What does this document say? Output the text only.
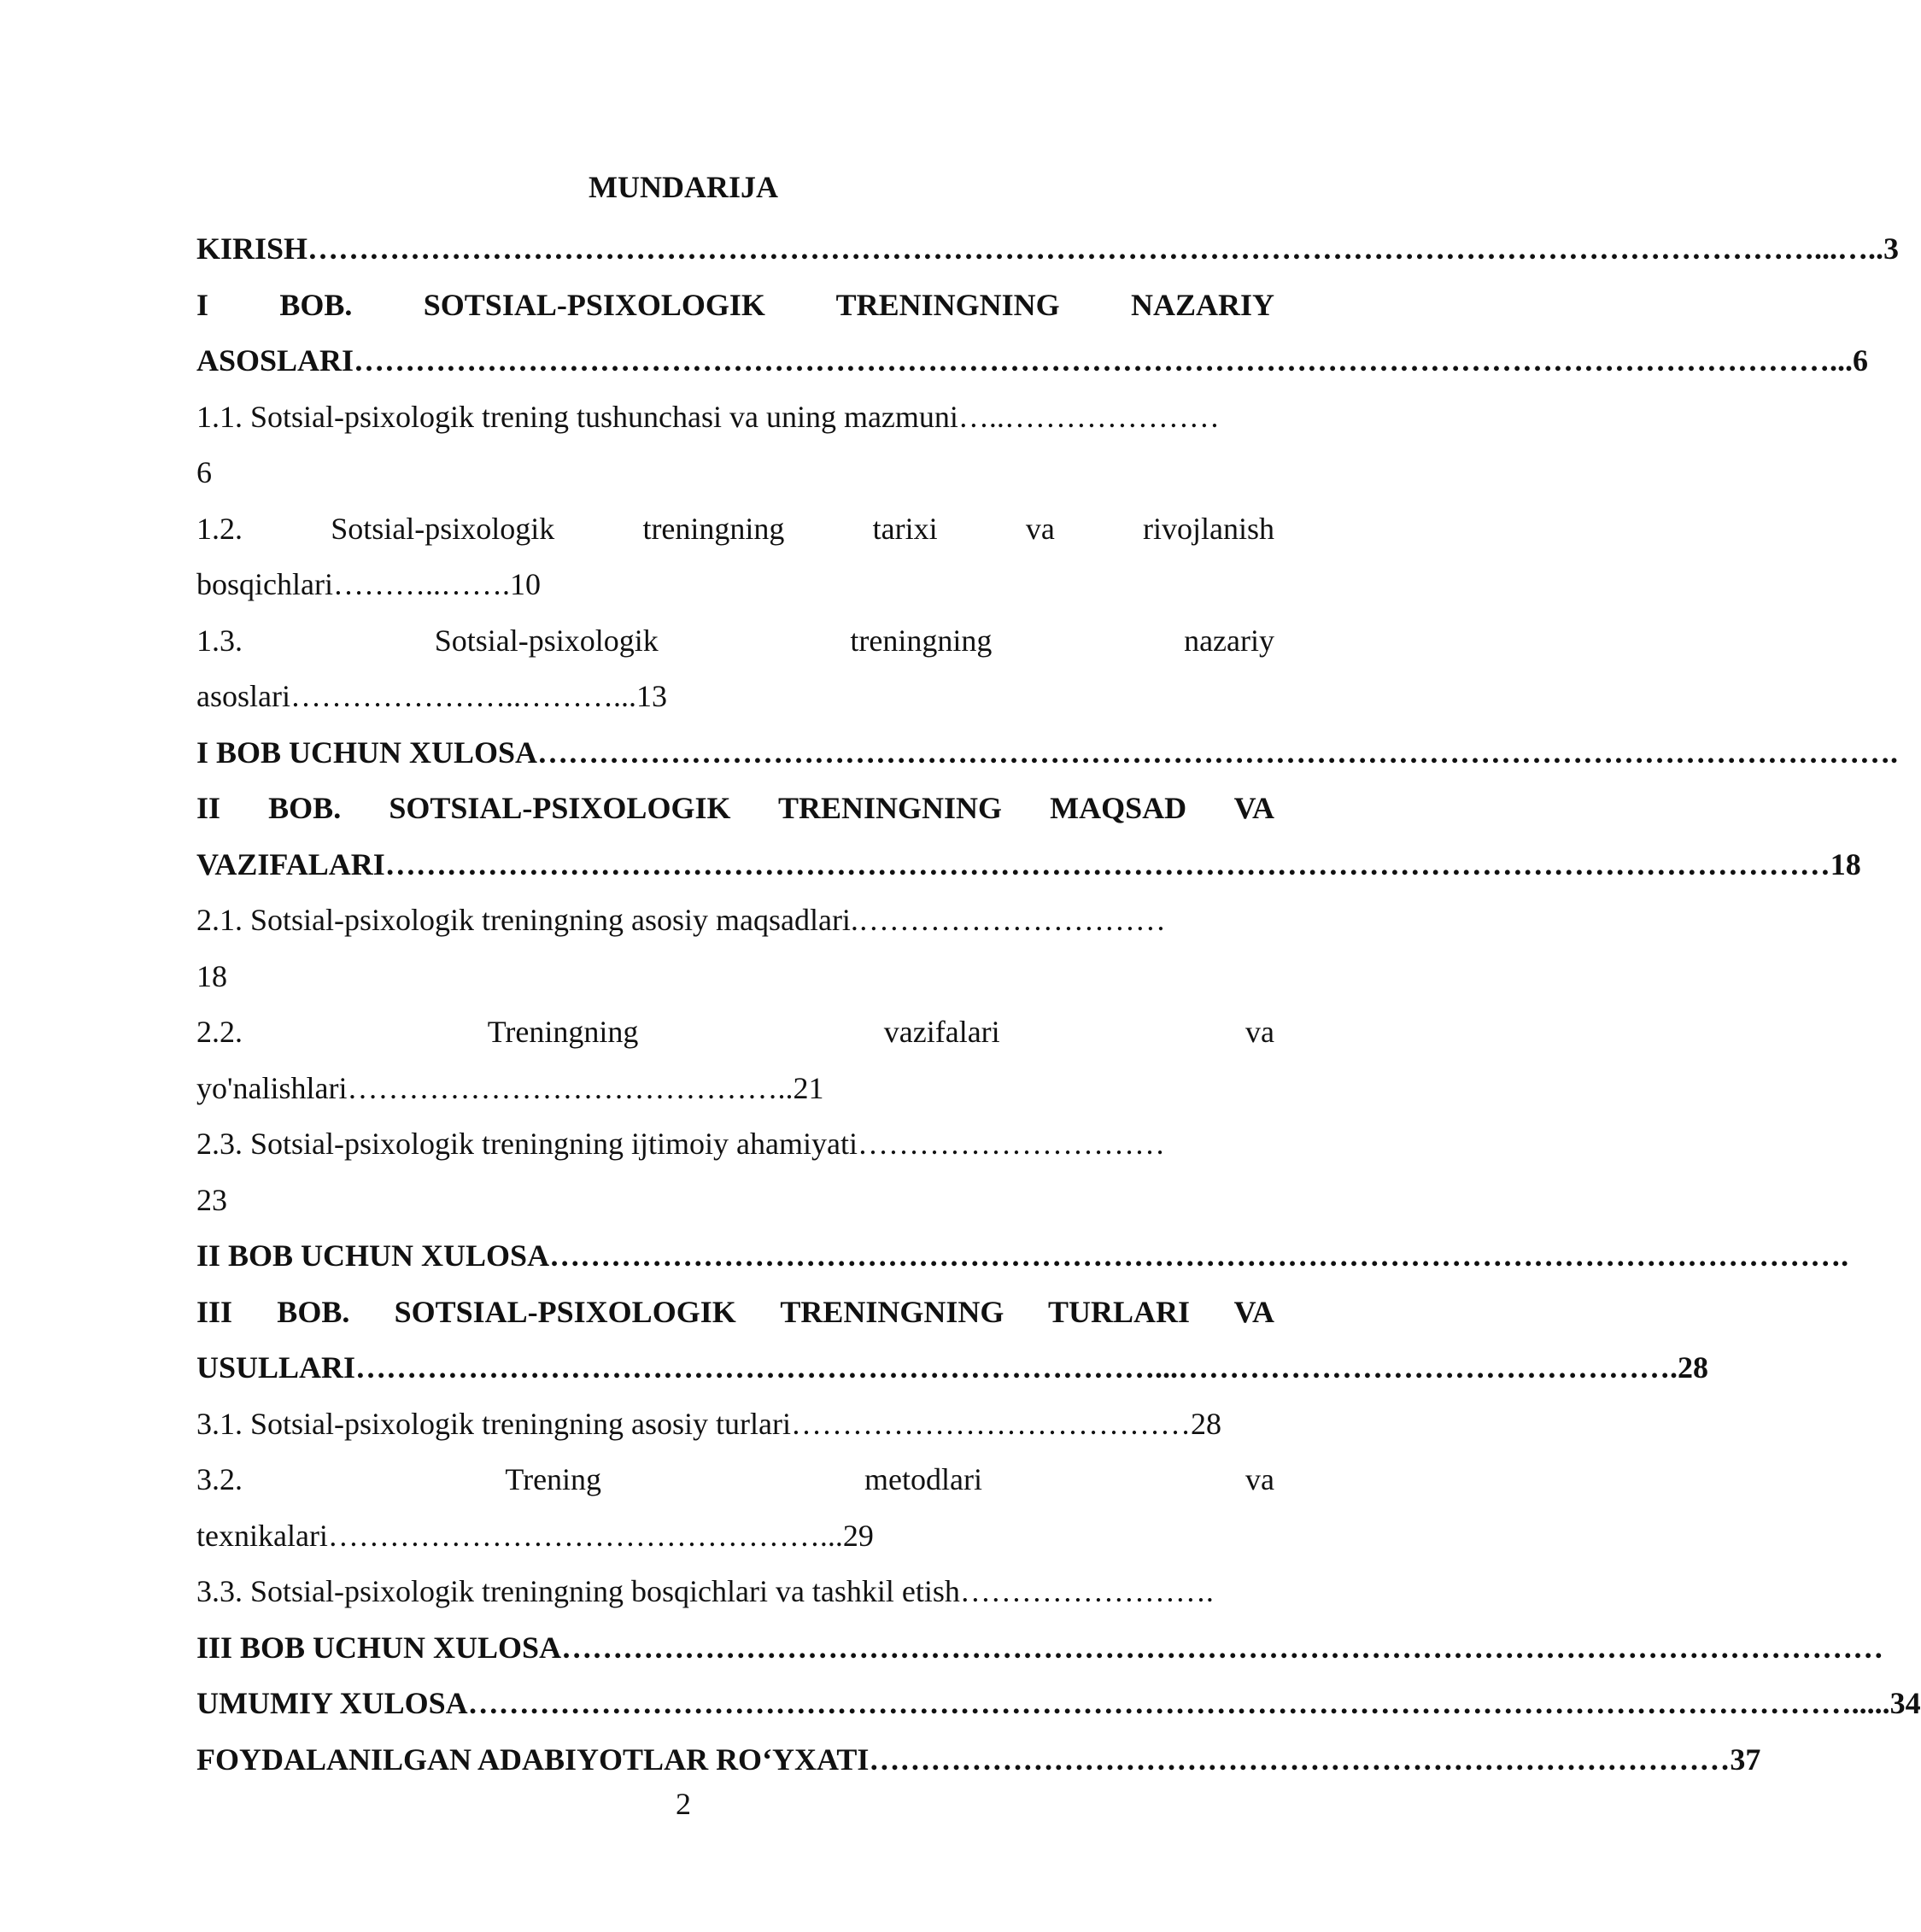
MUNDARIJA
KIRISH…………………………………………………………………………………………………………………………………...…..3
I BOB. SOTSIAL-PSIXOLOGIK TRENINGNING NAZARIY
ASOSLARI………………………………………………………………………………………………………………………………...6
1.1. Sotsial-psixologik trening tushunchasi va uning mazmuni…..…………………
6
1.2. Sotsial-psixologik treningning tarixi va rivojlanish
bosqichlari………..…….10
1.3. Sotsial-psixologik treningning nazariy
asoslari…………………..………...13
I BOB UCHUN XULOSA…………………………………………………………………………………………………………………….
II BOB. SOTSIAL-PSIXOLOGIK TRENINGNING MAQSAD VA
VAZIFALARI……………………………………………………………………………………………………………………………18
2.1. Sotsial-psixologik treningning asosiy maqsadlari.…………………………
18
2.2. Treningning vazifalari va
yo'nalishlari……………………………………..21
2.3. Sotsial-psixologik treningning ijtimoiy ahamiyati…………………………
23
II BOB UCHUN XULOSA……………………………………………………………………………………………………………….
III BOB. SOTSIAL-PSIXOLOGIK TRENINGNING TURLARI VA
USULLARI……………………………………………………………………...………………………………………….28
3.1. Sotsial-psixologik treningning asosiy turlari…………………………………28
3.2. Trening metodlari va
texnikalari…………………………………………...29
3.3. Sotsial-psixologik treningning bosqichlari va tashkil etish…………………….
III BOB UCHUN XULOSA…………………………………………………………………………………………………………………
UMUMIY XULOSA……………………………………………………………………………………………………………………….....34
FOYDALANILGAN ADABIYOTLAR RO‘YXATI…………………………………………………………………………37
2
